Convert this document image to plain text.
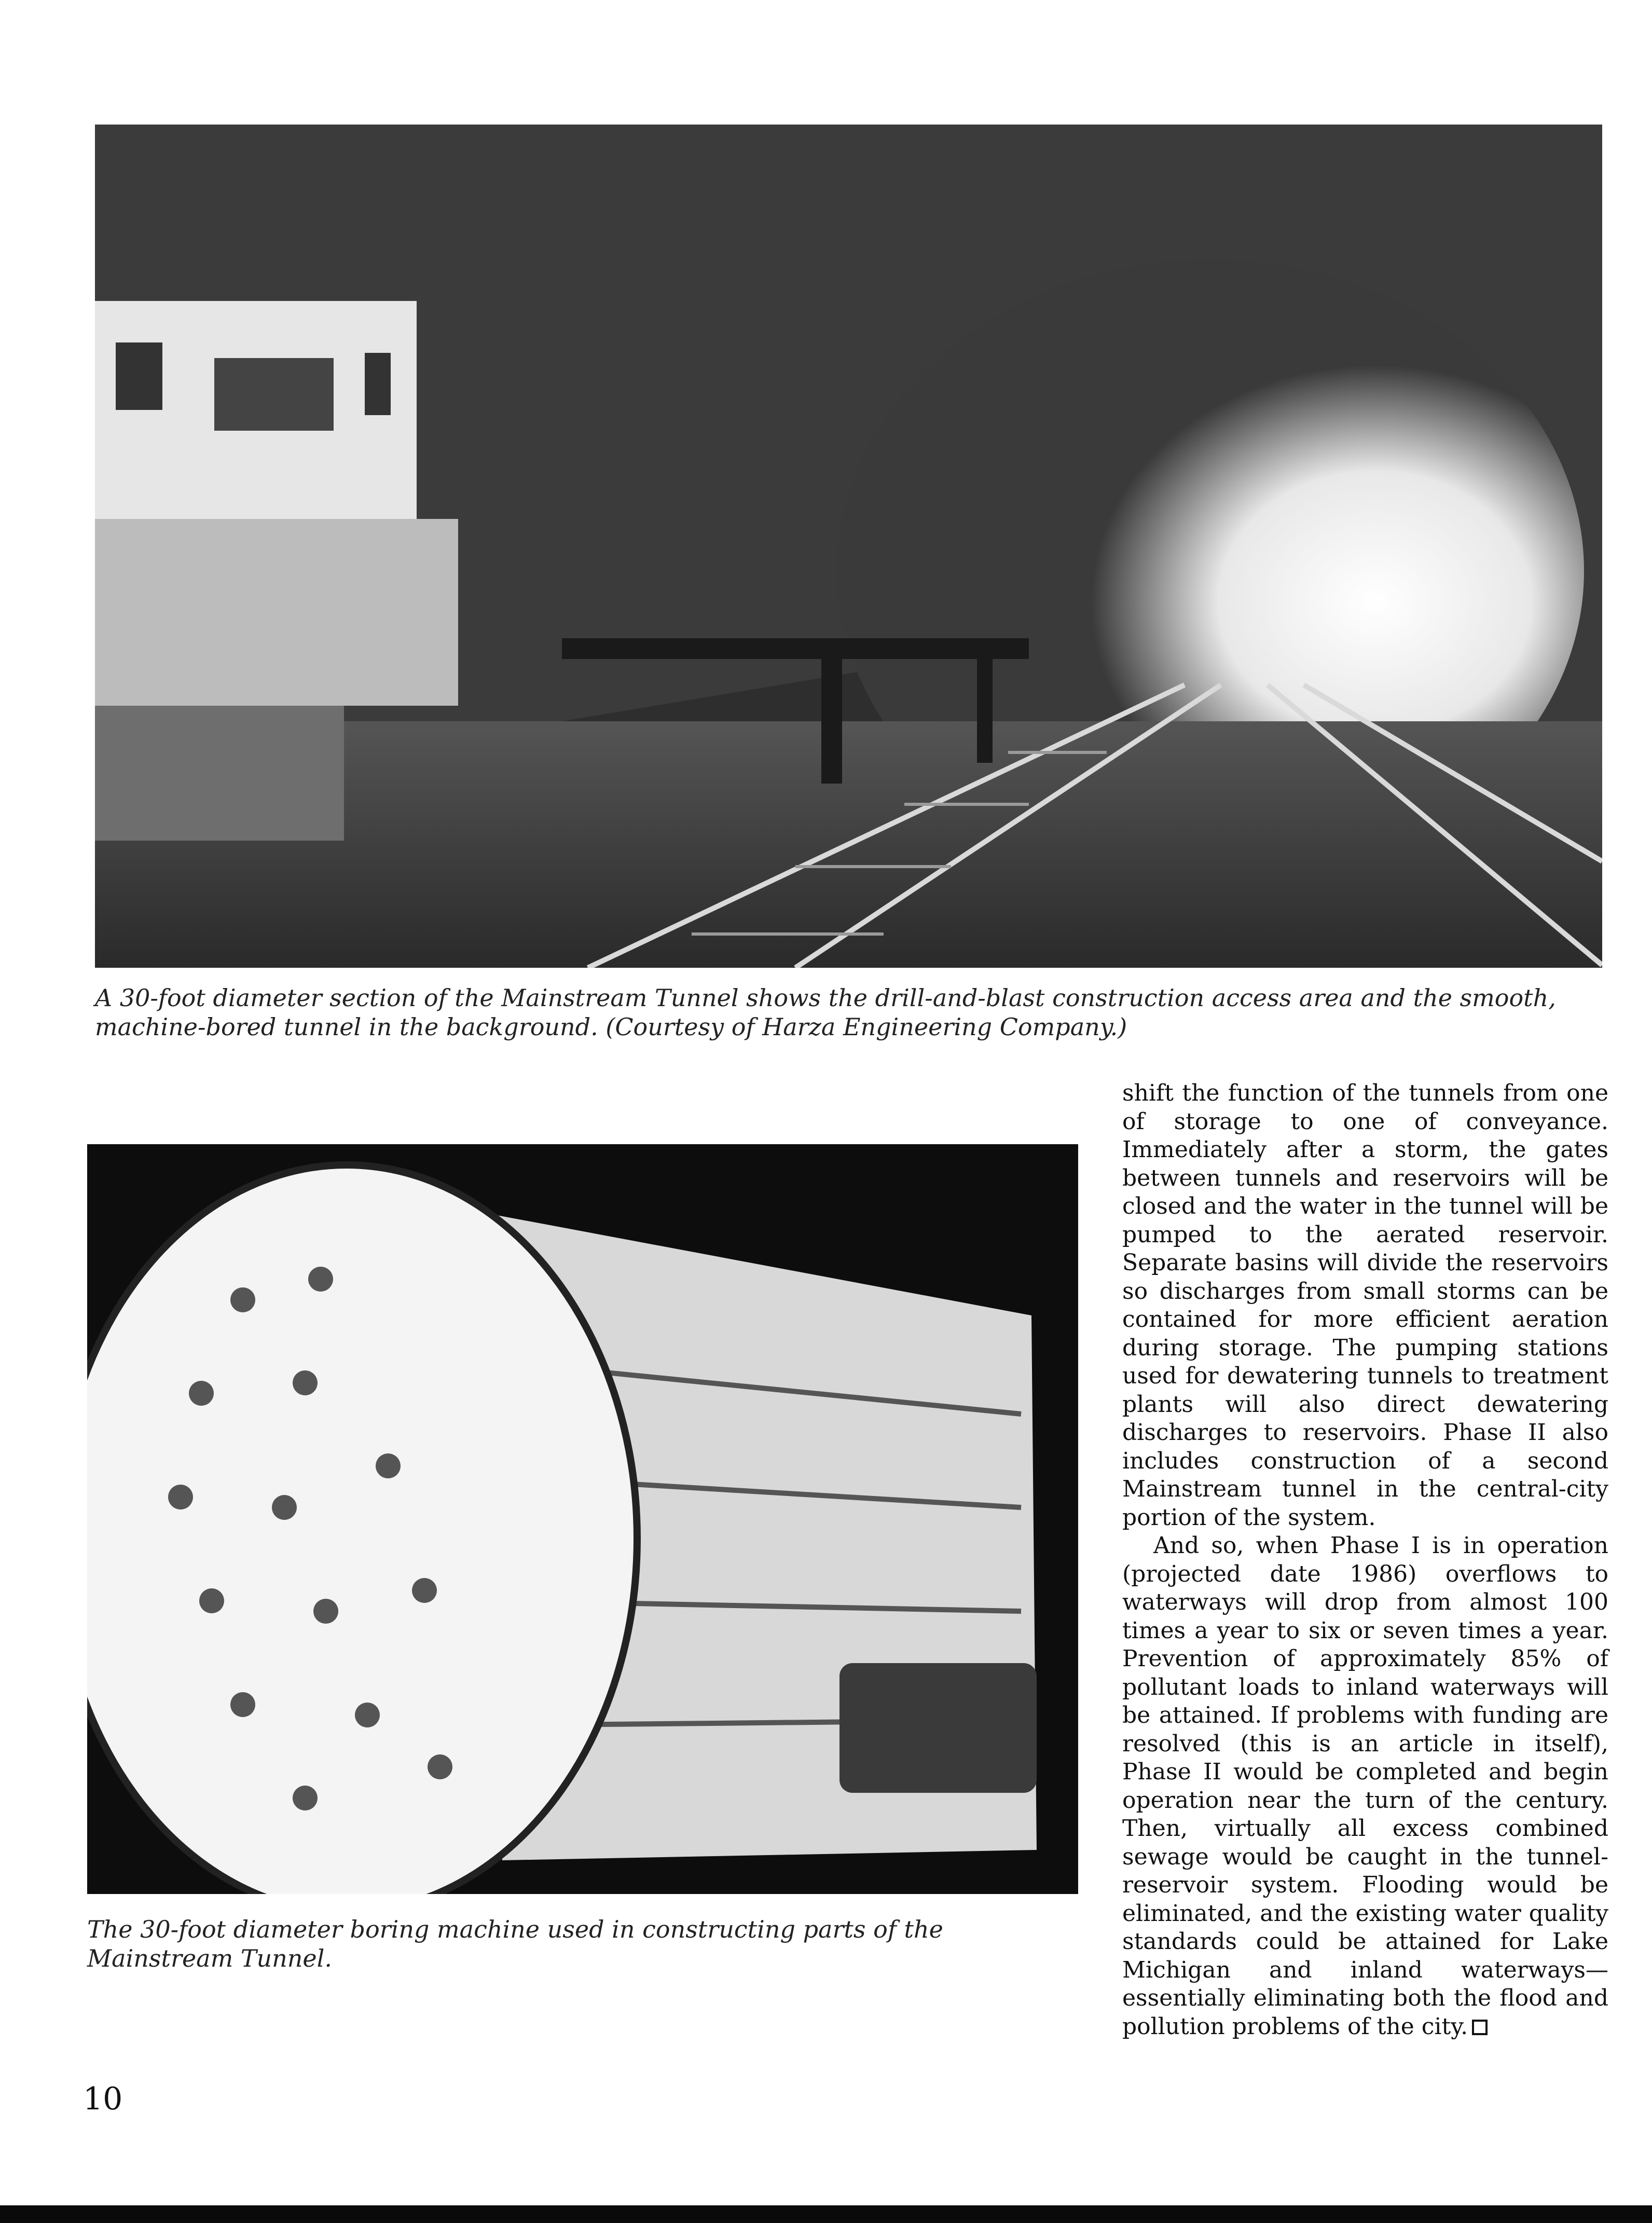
A 30-foot diameter section of the Mainstream Tunnel shows the drill-and-blast construction access area and the smooth, machine-bored tunnel in the background. (Courtesy of Harza Engineering Company.)

The 30-foot diameter boring machine used in constructing parts of the Mainstream Tunnel.

shift the function of the tunnels from one of storage to one of conveyance. Immediately after a storm, the gates between tunnels and reservoirs will be closed and the water in the tunnel will be pumped to the aerated reservoir. Separate basins will divide the reservoirs so discharges from small storms can be contained for more efficient aeration during storage. The pumping stations used for dewatering tunnels to treatment plants will also direct dewatering discharges to reservoirs. Phase II also includes construction of a second Mainstream tunnel in the central-city portion of the system.

And so, when Phase I is in operation (projected date 1986) overflows to waterways will drop from almost 100 times a year to six or seven times a year. Prevention of approximately 85% of pollutant loads to inland waterways will be attained. If problems with funding are resolved (this is an article in itself), Phase II would be completed and begin operation near the turn of the century. Then, virtually all excess combined sewage would be caught in the tunnel-reservoir system. Flooding would be eliminated, and the existing water quality standards could be attained for Lake Michigan and inland waterways—essentially eliminating both the flood and pollution problems of the city.

10
